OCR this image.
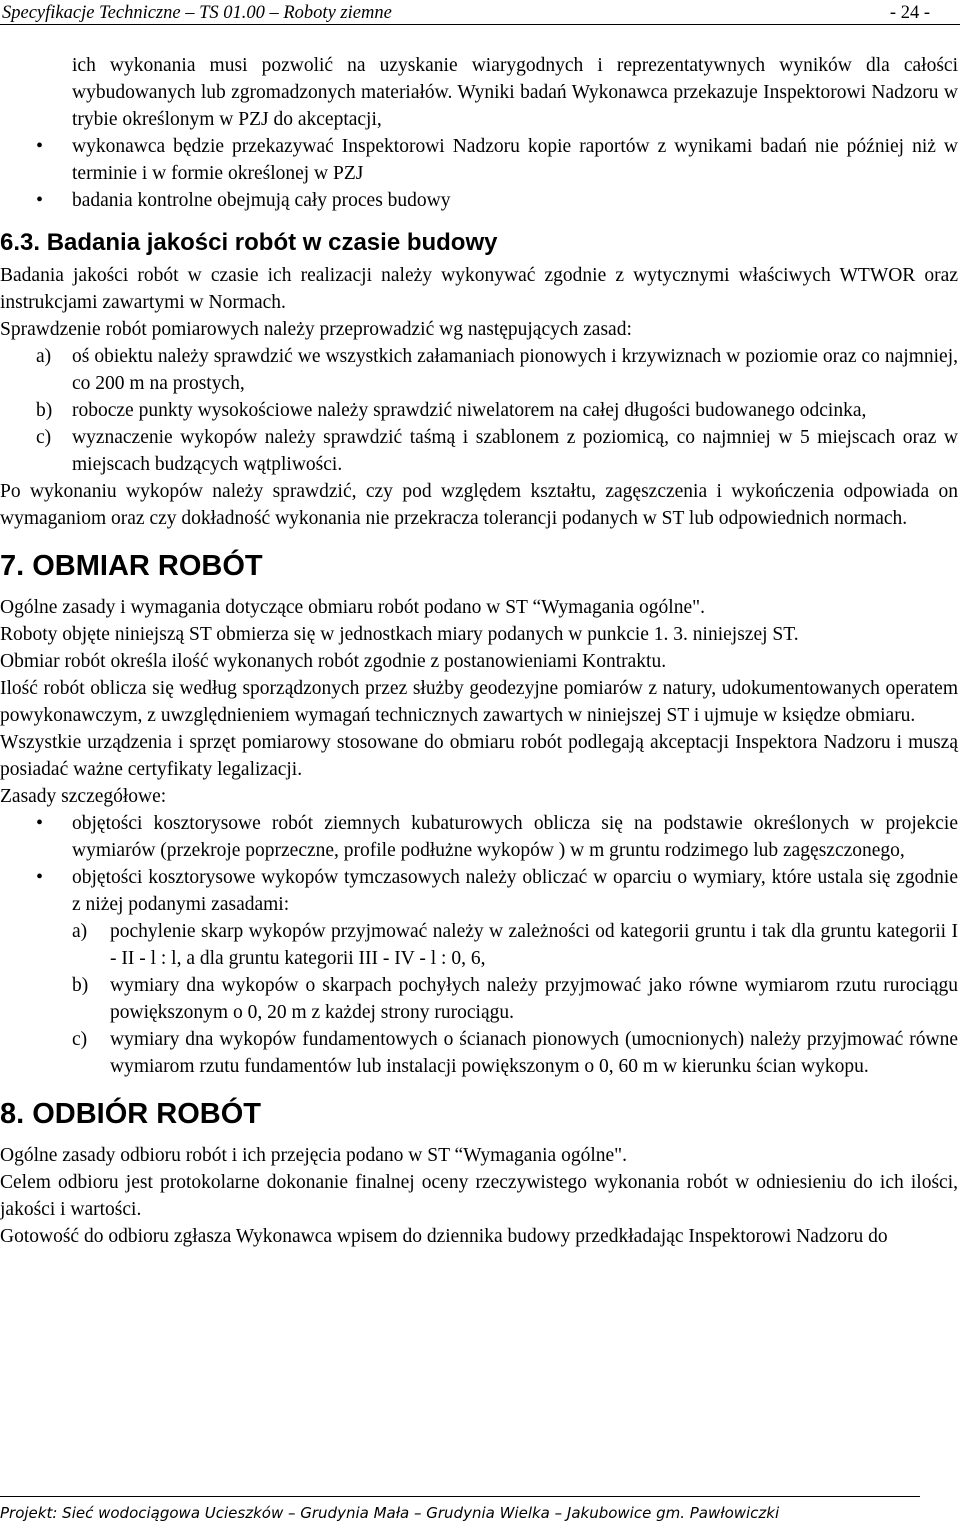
Specyfikacje Techniczne – TS 01.00 – Roboty ziemne	- 24 -

ich wykonania musi pozwolić na uzyskanie wiarygodnych i reprezentatywnych wyników dla całości wybudowanych lub zgromadzonych materiałów. Wyniki badań Wykonawca przekazuje Inspektorowi Nadzoru w trybie określonym w PZJ do akceptacji,

• wykonawca będzie przekazywać Inspektorowi Nadzoru kopie raportów z wynikami badań nie później niż w terminie i w formie określonej w PZJ
• badania kontrolne obejmują cały proces budowy
6.3. Badania jakości robót w czasie budowy

Badania jakości robót w czasie ich realizacji należy wykonywać zgodnie z wytycznymi właściwych WTWOR oraz instrukcjami zawartymi w Normach.

Sprawdzenie robót pomiarowych należy przeprowadzić wg następujących zasad:

a) oś obiektu należy sprawdzić we wszystkich załamaniach pionowych i krzywiznach w poziomie oraz co najmniej, co 200 m na prostych,
b) robocze punkty wysokościowe należy sprawdzić niwelatorem na całej długości budowanego odcinka,
c) wyznaczenie wykopów należy sprawdzić taśmą i szablonem z poziomicą, co najmniej w 5 miejscach oraz w miejscach budzących wątpliwości.

Po wykonaniu wykopów należy sprawdzić, czy pod względem kształtu, zagęszczenia i wykończenia odpowiada on wymaganiom oraz czy dokładność wykonania nie przekracza tolerancji podanych w ST lub odpowiednich normach.

7. OBMIAR ROBÓT

Ogólne zasady i wymagania dotyczące obmiaru robót podano w ST “Wymagania ogólne".

Roboty objęte niniejszą ST obmierza się w jednostkach miary podanych w punkcie 1. 3. niniejszej ST.

Obmiar robót określa ilość wykonanych robót zgodnie z postanowieniami Kontraktu.

Ilość robót oblicza się według sporządzonych przez służby geodezyjne pomiarów z natury, udokumentowanych operatem powykonawczym, z uwzględnieniem wymagań technicznych zawartych w niniejszej ST i ujmuje w księdze obmiaru.

Wszystkie urządzenia i sprzęt pomiarowy stosowane do obmiaru robót podlegają akceptacji Inspektora Nadzoru i muszą posiadać ważne certyfikaty legalizacji.

Zasady szczegółowe:

• objętości kosztorysowe robót ziemnych kubaturowych oblicza się na podstawie określonych w projekcie wymiarów (przekroje poprzeczne, profile podłużne wykopów ) w m gruntu rodzimego lub zagęszczonego,
• objętości kosztorysowe wykopów tymczasowych należy obliczać w oparciu o wymiary, które ustala się zgodnie z niżej podanymi zasadami:
a) pochylenie skarp wykopów przyjmować należy w zależności od kategorii gruntu i tak dla gruntu kategorii I - II - l : l, a dla gruntu kategorii III - IV - l : 0, 6,
b) wymiary dna wykopów o skarpach pochyłych należy przyjmować jako równe wymiarom rzutu rurociągu powiększonym o 0, 20 m z każdej strony rurociągu.
c) wymiary dna wykopów fundamentowych o ścianach pionowych (umocnionych) należy przyjmować równe wymiarom rzutu fundamentów lub instalacji powiększonym o 0, 60 m w kierunku ścian wykopu.
8. ODBIÓR ROBÓT

Ogólne zasady odbioru robót i ich przejęcia podano w ST “Wymagania ogólne".

Celem odbioru jest protokolarne dokonanie finalnej oceny rzeczywistego wykonania robót w odniesieniu do ich ilości, jakości i wartości.

Gotowość do odbioru zgłasza Wykonawca wpisem do dziennika budowy przedkładając Inspektorowi Nadzoru do

Projekt: Sieć wodociągowa Ucieszków – Grudynia Mała – Grudynia Wielka – Jakubowice gm. Pawłowiczki
